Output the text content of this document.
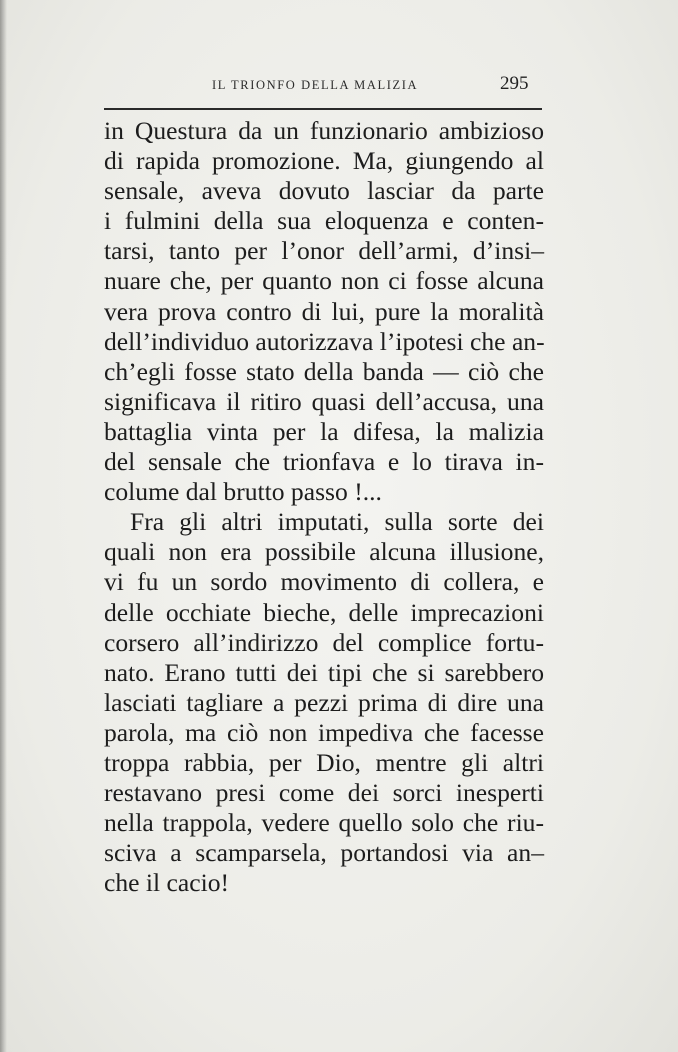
IL TRIONFO DELLA MALIZIA	295
in Questura da un funzionario ambizioso
di rapida promozione. Ma, giungendo al
sensale, aveva dovuto lasciar da parte
i fulmini della sua eloquenza e conten-
tarsi, tanto per l’onor dell’armi, d’insi–
nuare che, per quanto non ci fosse alcuna
vera prova contro di lui, pure la moralità
dell’individuo autorizzava l’ipotesi che an-
ch’egli fosse stato della banda — ciò che
significava il ritiro quasi dell’accusa, una
battaglia vinta per la difesa, la malizia
del sensale che trionfava e lo tirava in-
colume dal brutto passo !...
Fra gli altri imputati, sulla sorte dei
quali non era possibile alcuna illusione,
vi fu un sordo movimento di collera, e
delle occhiate bieche, delle imprecazioni
corsero all’indirizzo del complice fortu-
nato. Erano tutti dei tipi che si sarebbero
lasciati tagliare a pezzi prima di dire una
parola, ma ciò non impediva che facesse
troppa rabbia, per Dio, mentre gli altri
restavano presi come dei sorci inesperti
nella trappola, vedere quello solo che riu-
sciva a scamparsela, portandosi via an–
che il cacio!
